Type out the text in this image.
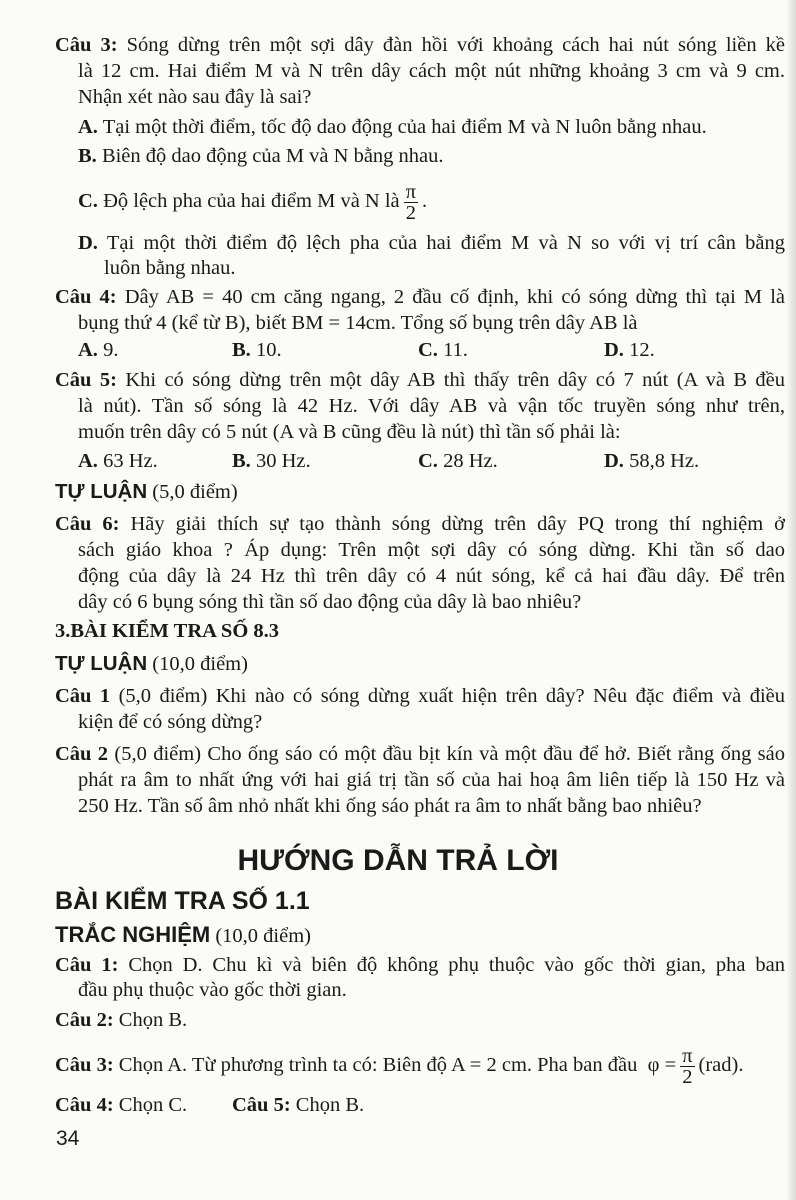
Câu 3: Sóng dừng trên một sợi dây đàn hồi với khoảng cách hai nút sóng liền kề
là 12 cm. Hai điểm M và N trên dây cách một nút những khoảng 3 cm và 9 cm.
Nhận xét nào sau đây là sai?
A. Tại một thời điểm, tốc độ dao động của hai điểm M và N luôn bằng nhau.
B. Biên độ dao động của M và N bằng nhau.
C. Độ lệch pha của hai điểm M và N là $\frac{\pi}{2}$ .
D. Tại một thời điểm độ lệch pha của hai điểm M và N so với vị trí cân bằng
luôn bằng nhau.
Câu 4: Dây AB = 40 cm căng ngang, 2 đầu cố định, khi có sóng dừng thì tại M là
bụng thứ 4 (kể từ B), biết BM = 14cm. Tổng số bụng trên dây AB là
A. 9.	B. 10.	C. 11.	D. 12.
Câu 5: Khi có sóng dừng trên một dây AB thì thấy trên dây có 7 nút (A và B đều
là nút). Tần số sóng là 42 Hz. Với dây AB và vận tốc truyền sóng như trên,
muốn trên dây có 5 nút (A và B cũng đều là nút) thì tần số phải là:
A. 63 Hz.	B. 30 Hz.	C. 28 Hz.	D. 58,8 Hz.
TỰ LUẬN (5,0 điểm)
Câu 6: Hãy giải thích sự tạo thành sóng dừng trên dây PQ trong thí nghiệm ở
sách giáo khoa ? Áp dụng: Trên một sợi dây có sóng dừng. Khi tần số dao
động của dây là 24 Hz thì trên dây có 4 nút sóng, kể cả hai đầu dây. Để trên
dây có 6 bụng sóng thì tần số dao động của dây là bao nhiêu?
3.BÀI KIỂM TRA SỐ 8.3
TỰ LUẬN (10,0 điểm)
Câu 1 (5,0 điểm) Khi nào có sóng dừng xuất hiện trên dây? Nêu đặc điểm và điều
kiện để có sóng dừng?
Câu 2 (5,0 điểm) Cho ống sáo có một đầu bịt kín và một đầu để hở. Biết rằng ống sáo
phát ra âm to nhất ứng với hai giá trị tần số của hai hoạ âm liên tiếp là 150 Hz và
250 Hz. Tần số âm nhỏ nhất khi ống sáo phát ra âm to nhất bằng bao nhiêu?
HƯỚNG DẪN TRẢ LỜI
BÀI KIỂM TRA SỐ 1.1
TRẮC NGHIỆM (10,0 điểm)
Câu 1: Chọn D. Chu kì và biên độ không phụ thuộc vào gốc thời gian, pha ban
đầu phụ thuộc vào gốc thời gian.
Câu 2: Chọn B.
Câu 3: Chọn A. Từ phương trình ta có: Biên độ A = 2 cm. Pha ban đầu $\varphi = \frac{\pi}{2} (rad)$.
Câu 4: Chọn C. Câu 5: Chọn B.
34
